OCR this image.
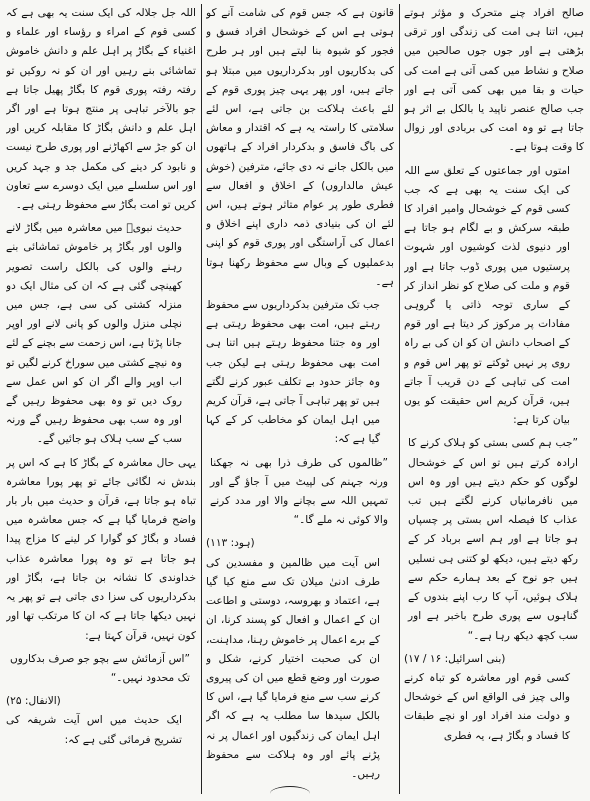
صالح افراد چنے متحرک و مؤثر ہوتے ہیں، اتنا ہی امت کی زندگی اور ترقی بڑھتی ہے اور جوں جوں صالحین میں صلاح و نشاط میں کمی آتی ہے امت کی حیات و بقا میں بھی کمی آتی ہے اور جب صالح عنصر ناپید یا بالکل بے اثر ہو جاتا ہے تو وہ امت کی بربادی اور زوال کا وقت ہوتا ہے۔

امتوں اور جماعتوں کے تعلق سے اللہ کی ایک سنت یہ بھی ہے کہ جب کسی قوم کے خوشحال وامیر افراد کا طبقہ سرکش و بے لگام ہو جاتا ہے اور دنیوی لذت کوشیوں اور شہوت پرستیوں میں پوری ڈوب جاتا ہے اور قوم و ملت کی صلاح کو نظر انداز کر کے ساری توجہ ذاتی یا گروہی مفادات پر مرکوز کر دیتا ہے اور قوم کے اصحاب دانش ان کو ان کی بے راہ روی پر نہیں ٹوکتے تو پھر اس قوم و امت کی تباہی کے دن قریب آ جاتے ہیں، قرآن کریم اس حقیقت کو یوں بیان کرتا ہے:

”جب ہم کسی بستی کو ہلاک کرنے کا ارادہ کرتے ہیں تو اس کے خوشحال لوگوں کو حکم دیتے ہیں اور وہ اس میں نافرمانیاں کرنے لگتے ہیں تب عذاب کا فیصلہ اس بستی پر چسپاں ہو جاتا ہے اور ہم اسے برباد کر کے رکھ دیتے ہیں، دیکھ لو کتنی ہی نسلیں ہیں جو نوح کے بعد ہمارے حکم سے ہلاک ہوئیں، آپ کا رب اپنے بندوں کے گناہوں سے پوری طرح باخبر ہے اور سب کچھ دیکھ رہا ہے۔“

(بنی اسرائیل: ۱۶ / ۱۷)

کسی قوم اور معاشرہ کو تباہ کرنے والی چیز فی الواقع اس کے خوشحال و دولت مند افراد اور او نچے طبقات کا فساد و بگاڑ ہے، یہ فطری

قانون ہے کہ جس قوم کی شامت آنے کو ہوتی ہے اس کے خوشحال افراد فسق و فجور کو شیوہ بنا لیتے ہیں اور ہر طرح کی بدکاریوں اور بدکرداریوں میں مبتلا ہو جاتے ہیں، اور پھر یہی چیز پوری قوم کے لئے باعث ہلاکت بن جاتی ہے، اس لئے سلامتی کا راستہ یہ ہے کہ اقتدار و معاش کی باگ فاسق و بدکردار افراد کے ہاتھوں میں بالکل جانے نہ دی جائے، مترفین (خوش عیش مالداروں) کے اخلاق و افعال سے فطری طور پر عوام متاثر ہوتے ہیں، اس لئے ان کی بنیادی ذمہ داری اپنے اخلاق و اعمال کی آراستگی اور پوری قوم کو اپنی بدعملیوں کے وبال سے محفوظ رکھنا ہوتا ہے۔

جب تک مترفین بدکرداریوں سے محفوظ رہتے ہیں، امت بھی محفوظ رہتی ہے اور وہ جتنا محفوظ رہتے ہیں اتنا ہی امت بھی محفوظ رہتی ہے لیکن جب وہ جائز حدود بے تکلف عبور کرنے لگتے ہیں تو پھر تباہی آ جاتی ہے، قرآن کریم میں اہل ایمان کو مخاطب کر کے کہا گیا ہے کہ:

”ظالموں کی طرف ذرا بھی نہ جھکنا ورنہ جہنم کی لپیٹ میں آ جاؤ گے اور تمہیں اللہ سے بچانے والا اور مدد کرنے والا کوئی نہ ملے گا۔“

(ہود: ۱۱۳)

اس آیت میں ظالمین و مفسدین کی طرف ادنیٰ میلان تک سے منع کیا گیا ہے، اعتماد و بھروسہ، دوستی و اطاعت ان کے اعمال و افعال کو پسند کرنا، ان کے برے اعمال پر خاموش رہنا، مداہنت، ان کی صحبت اختیار کرنے، شکل و صورت اور وضع قطع میں ان کی پیروی کرنے سب سے منع فرمایا گیا ہے، اس کا بالکل سیدھا سا مطلب یہ ہے کہ اگر اہل ایمان کی زندگیوں اور اعمال پر نہ پڑنے پائے اور وہ ہلاکت سے محفوظ رہیں۔

اللہ جل جلالہ کی ایک سنت یہ بھی ہے کہ کسی قوم کے امراء و رؤساء اور علماء و اغنیاء کے بگاڑ پر اہل علم و دانش خاموش تماشائی بنے رہیں اور ان کو نہ روکیں تو رفتہ رفتہ پوری قوم کا بگاڑ پھیل جاتا ہے جو بالآخر تباہی پر منتج ہوتا ہے اور اگر اہل علم و دانش بگاڑ کا مقابلہ کریں اور ان کو جڑ سے اکھاڑنے اور پوری طرح نیست و نابود کر دینے کی مکمل جد و جہد کریں اور اس سلسلے میں ایک دوسرے سے تعاون کریں تو امت بگاڑ سے محفوظ رہتی ہے۔

حدیث نبویؐ میں معاشرہ میں بگاڑ لانے والوں اور بگاڑ پر خاموش تماشائی بنے رہنے والوں کی بالکل راست تصویر کھینچی گئی ہے کہ ان کی مثال ایک دو منزلہ کشتی کی سی ہے، جس میں نچلی منزل والوں کو پانی لانے اور اوپر جانا پڑتا ہے، اس زحمت سے بچنے کے لئے وہ نیچے کشتی میں سوراخ کرنے لگیں تو اب اوپر والے اگر ان کو اس عمل سے روک دیں تو وہ بھی محفوظ رہیں گے اور وہ سب بھی محفوظ رہیں گے ورنہ سب کے سب ہلاک ہو جائیں گے۔

یہی حال معاشرہ کے بگاڑ کا ہے کہ اس پر بندش نہ لگائی جائے تو پھر پورا معاشرہ تباہ ہو جاتا ہے، قرآن و حدیث میں بار بار واضح فرمایا گیا ہے کہ جس معاشرہ میں فساد و بگاڑ کو گوارا کر لینے کا مزاج پیدا ہو جاتا ہے تو وہ پورا معاشرہ عذاب خداوندی کا نشانہ بن جاتا ہے، بگاڑ اور بدکرداریوں کی سزا دی جاتی ہے تو پھر یہ نہیں دیکھا جاتا ہے کہ ان کا مرتکب تھا اور کون نہیں، قرآن کہتا ہے:

”اس آزمائش سے بچو جو صرف بدکاروں تک محدود نہیں۔“

(الانفال: ۲۵)

ایک حدیث میں اس آیت شریفہ کی تشریح فرمائی گئی ہے کہ:
